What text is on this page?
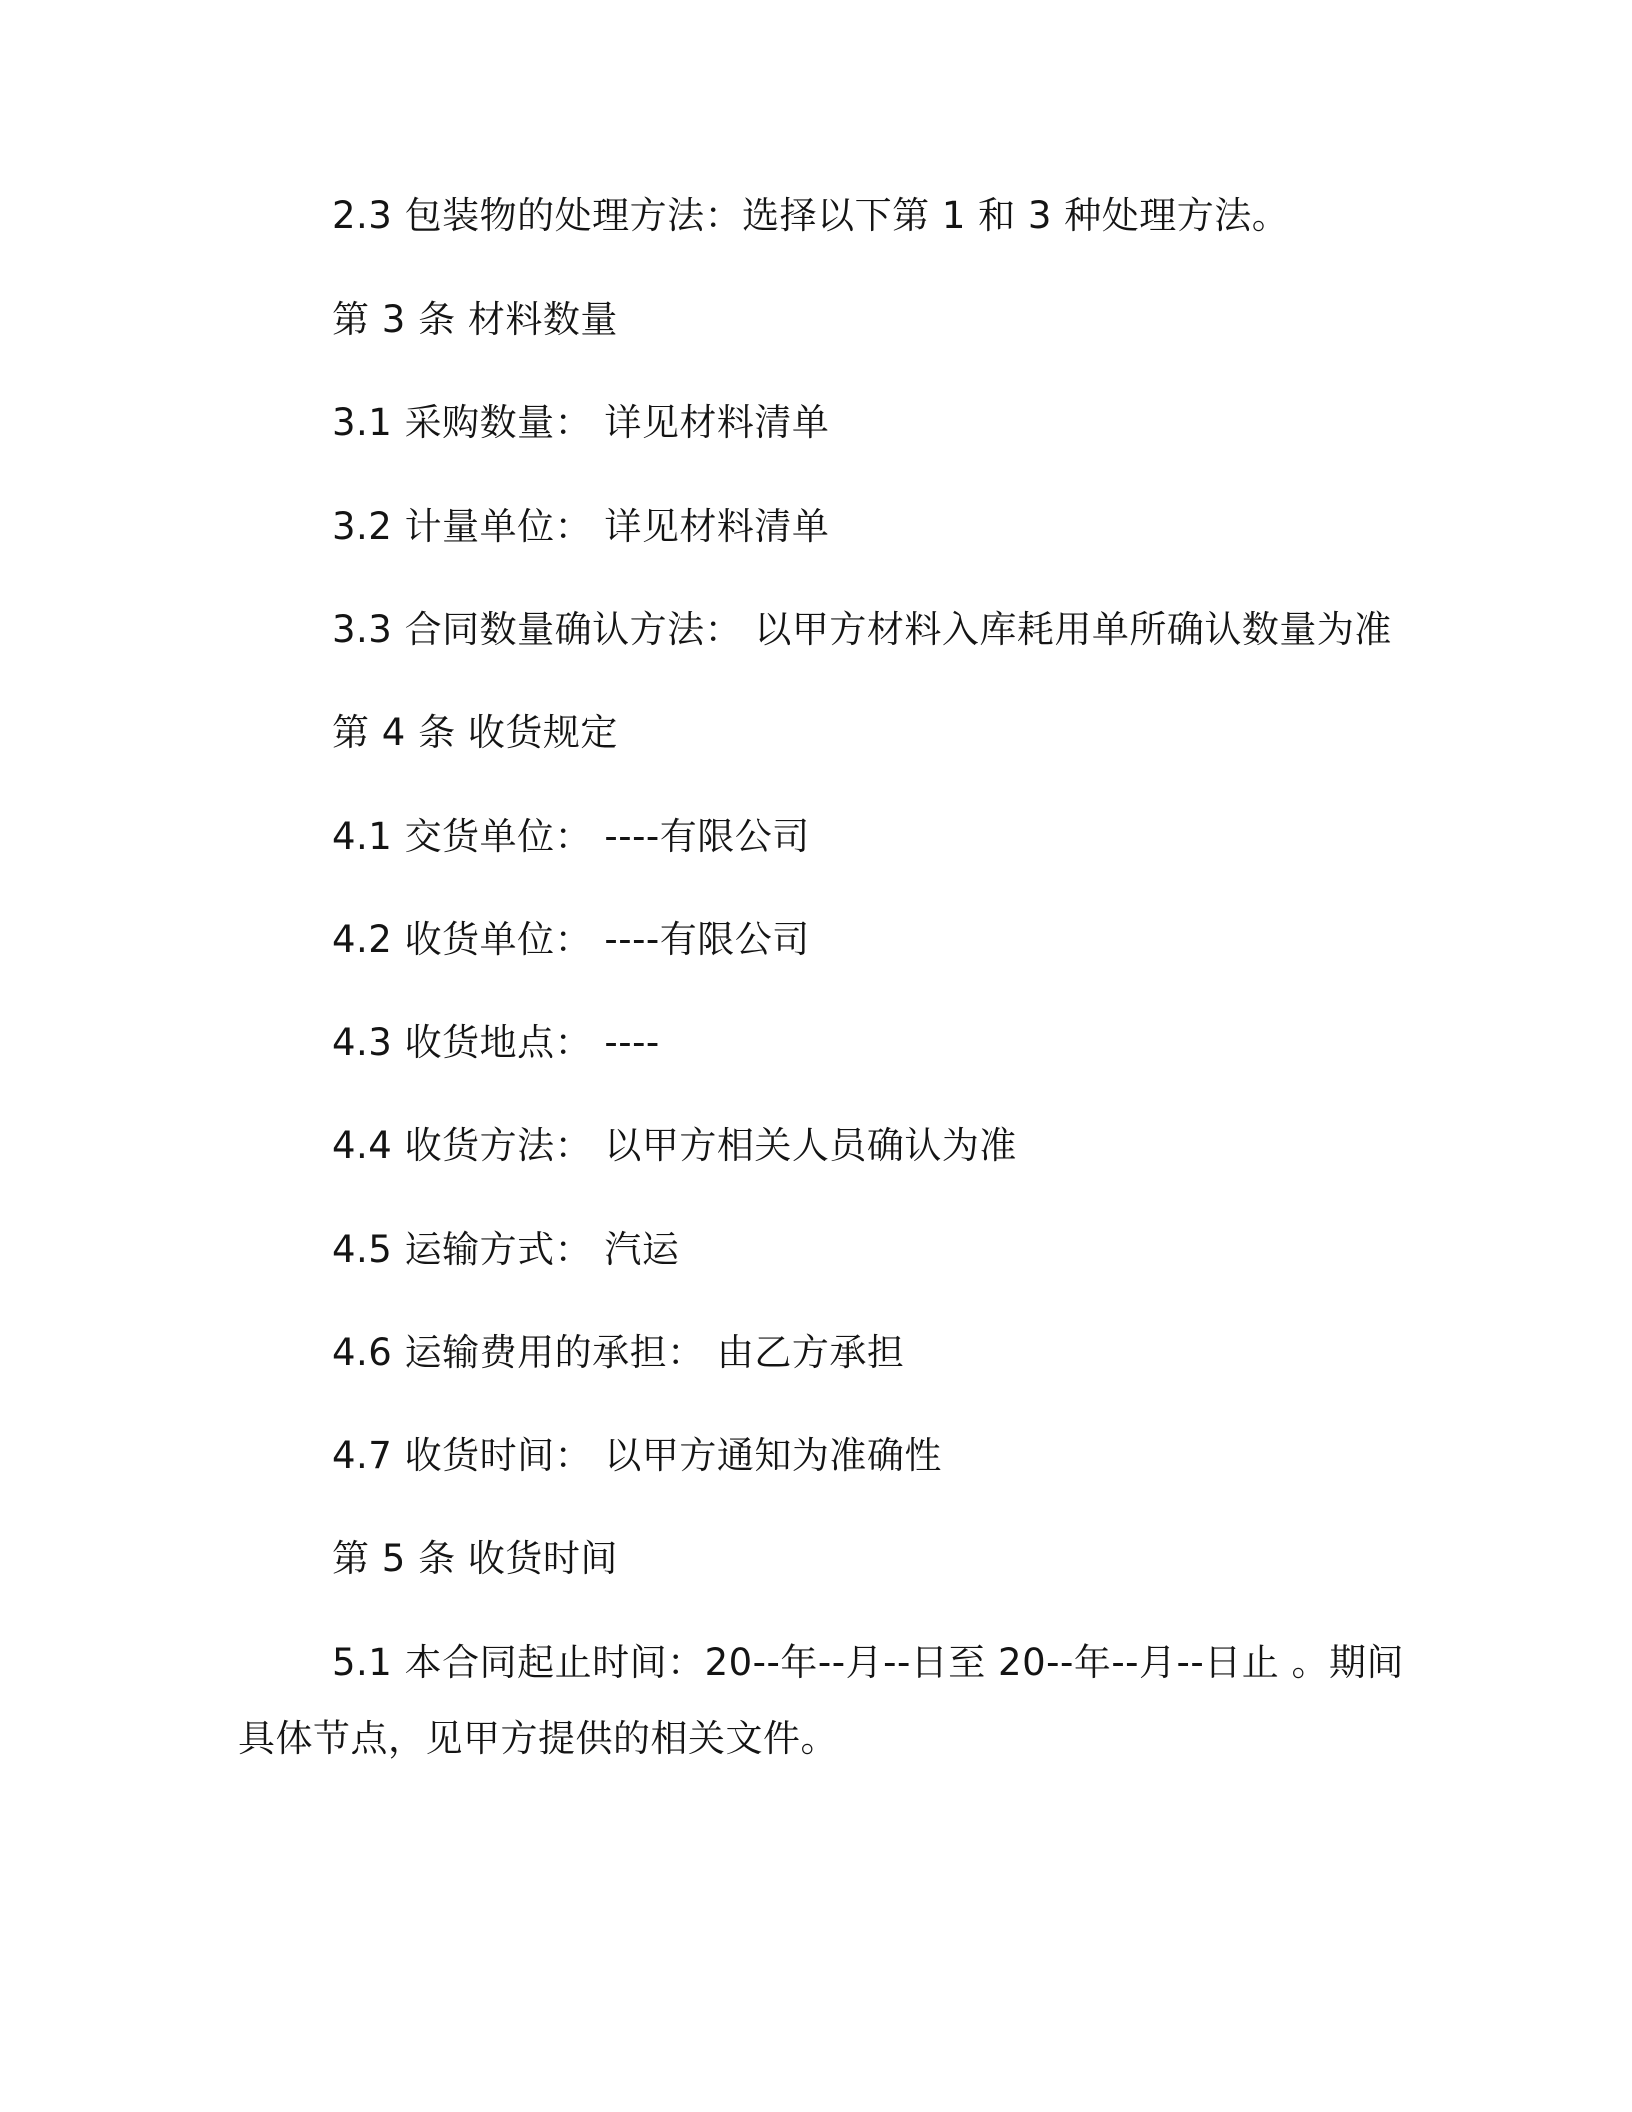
2.3 包装物的处理方法：选择以下第 1 和 3 种处理方法。
第 3 条 材料数量
3.1 采购数量： 详见材料清单
3.2 计量单位： 详见材料清单
3.3 合同数量确认方法： 以甲方材料入库耗用单所确认数量为准
第 4 条 收货规定
4.1 交货单位： ----有限公司
4.2 收货单位： ----有限公司
4.3 收货地点： ----
4.4 收货方法： 以甲方相关人员确认为准
4.5 运输方式： 汽运
4.6 运输费用的承担： 由乙方承担
4.7 收货时间： 以甲方通知为准确性
第 5 条 收货时间
5.1 本合同起止时间：20--年--月--日至 20--年--月--日止 。期间
具体节点，见甲方提供的相关文件。
